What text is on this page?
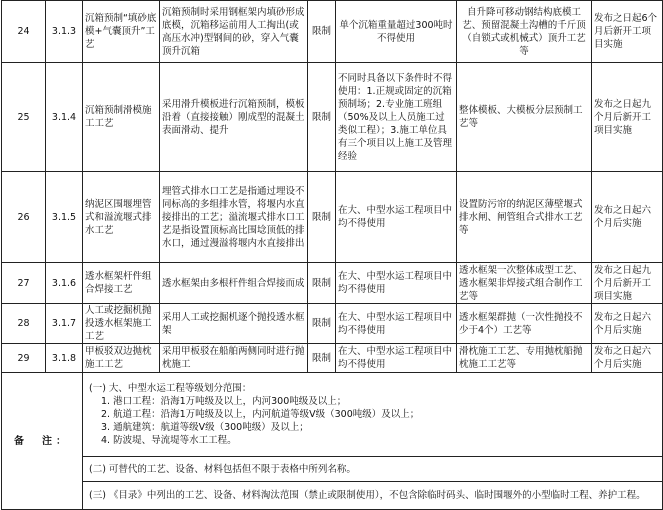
24	3.1.3	沉箱预制“填砂底模+气囊顶升”工艺	沉箱预制时采用钢框架内填砂形成底模，沉箱移运前用人工掏出(或高压水冲)型钢间的砂，穿入气囊顶升沉箱	限制	单个沉箱重量超过300吨时不得使用	自升降可移动钢结构底模工艺、预留混凝土沟槽的千斤顶（自锁式或机械式）顶升工艺等	发布之日起6个月后新开工项目实施
25	3.1.4	沉箱预制滑模施工工艺	采用滑升模板进行沉箱预制，模板沿着（直接接触）刚成型的混凝土表面滑动、提升	限制	不同时具备以下条件时不得使用：1.正规或固定的沉箱预制场；2.专业施工班组（50%及以上人员施工过类似工程）；3.施工单位具有三个项目以上施工及管理经验	整体模板、大模板分层预制工艺等	发布之日起九个月后新开工项目实施
26	3.1.5	纳泥区围堰埋管式和溢流堰式排水工艺	埋管式排水口工艺是指通过埋设不同标高的多组排水管，将堰内水直接排出的工艺；溢流堰式排水口工艺是指设置顶标高比围埝顶低的排水口，通过漫溢将堰内水直接排出	限制	在大、中型水运工程项目中均不得使用	设置防污帘的纳泥区薄壁堰式排水闸、闸管组合式排水工艺等	发布之日起六个月后实施
27	3.1.6	透水框架杆件组合焊接工艺	透水框架由多根杆件组合焊接而成	限制	在大、中型水运工程项目中均不得使用	透水框架一次整体成型工艺、透水框架非焊接式组合制作工艺等	发布之日起九个月后新开工项目实施
28	3.1.7	人工或挖掘机抛投透水框架施工工艺	采用人工或挖掘机逐个抛投透水框架	限制	在大、中型水运工程项目中均不得使用	透水框架群抛（一次性抛投不少于4个）工艺等	发布之日起六个月后实施
29	3.1.8	甲板驳双边抛枕施工工艺	采用甲板驳在船舶两侧同时进行抛枕施工	限制	在大、中型水运工程项目中均不得使用	滑枕施工工艺、专用抛枕船抛枕施工工艺等	发布之日起六个月后实施
备　注：		(一) 大、中型水运工程等级划分范围：
1. 港口工程：沿海1万吨级及以上，内河300吨级及以上；
2. 航道工程：沿海1万吨级及以上，内河航道等级V级（300吨级）及以上；
3. 通航建筑：航道等级V级（300吨级）及以上；
4. 防波堤、导流堤等水工工程。					

		(二) 可替代的工艺、设备、材料包括但不限于表格中所列名称。					
		(三) 《目录》中列出的工艺、设备、材料淘汰范围（禁止或限制使用），不包含除临时码头、临时围堰外的小型临时工程、养护工程。					
